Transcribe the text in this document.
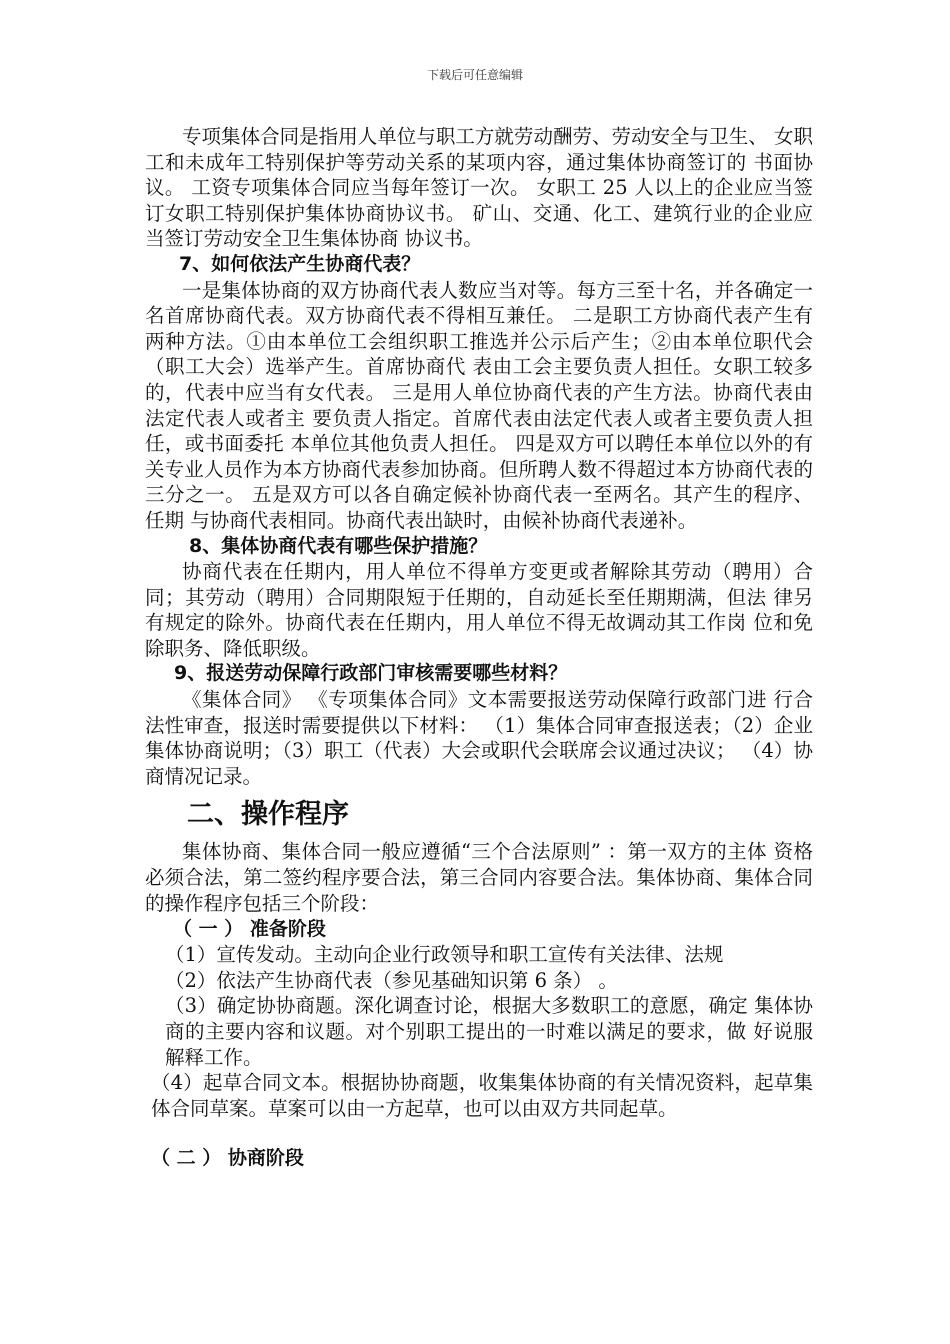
下载后可任意编辑

专项集体合同是指用人单位与职工方就劳动酬劳、劳动安全与卫生、 女职工和未成年工特别保护等劳动关系的某项内容，通过集体协商签订的 书面协议。 工资专项集体合同应当每年签订一次。 女职工 25 人以上的企业应当签订女职工特别保护集体协商协议书。 矿山、交通、化工、建筑行业的企业应当签订劳动安全卫生集体协商 协议书。

7、如何依法产生协商代表？

一是集体协商的双方协商代表人数应当对等。每方三至十名，并各确定一名首席协商代表。双方协商代表不得相互兼任。 二是职工方协商代表产生有两种方法。①由本单位工会组织职工推选并公示后产生；②由本单位职代会（职工大会）选举产生。首席协商代 表由工会主要负责人担任。女职工较多的，代表中应当有女代表。 三是用人单位协商代表的产生方法。协商代表由法定代表人或者主 要负责人指定。首席代表由法定代表人或者主要负责人担任，或书面委托 本单位其他负责人担任。 四是双方可以聘任本单位以外的有关专业人员作为本方协商代表参加协商。但所聘人数不得超过本方协商代表的三分之一。 五是双方可以各自确定候补协商代表一至两名。其产生的程序、任期 与协商代表相同。协商代表出缺时，由候补协商代表递补。

8、集体协商代表有哪些保护措施？

协商代表在任期内，用人单位不得单方变更或者解除其劳动（聘用）合同；其劳动（聘用）合同期限短于任期的，自动延长至任期期满，但法 律另有规定的除外。协商代表在任期内，用人单位不得无故调动其工作岗 位和免除职务、降低职级。

9、报送劳动保障行政部门审核需要哪些材料？

《集体合同》 《专项集体合同》文本需要报送劳动保障行政部门进 行合法性审查，报送时需要提供以下材料： （1）集体合同审查报送表；（2）企业集体协商说明；（3）职工（代表）大会或职代会联席会议通过决议； （4）协商情况记录。

二、操作程序

集体协商、集体合同一般应遵循“三个合法原则” ：第一双方的主体 资格必须合法，第二签约程序要合法，第三合同内容要合法。集体协商、集体合同的操作程序包括三个阶段：

（ 一 ） 准备阶段

（1）宣传发动。主动向企业行政领导和职工宣传有关法律、法规

（2）依法产生协商代表（参见基础知识第 6 条） 。

（3）确定协协商题。深化调查讨论，根据大多数职工的意愿，确定 集体协商的主要内容和议题。对个别职工提出的一时难以满足的要求，做 好说服解释工作。

（4）起草合同文本。根据协协商题，收集集体协商的有关情况资料，起草集体合同草案。草案可以由一方起草，也可以由双方共同起草。

（ 二 ） 协商阶段
